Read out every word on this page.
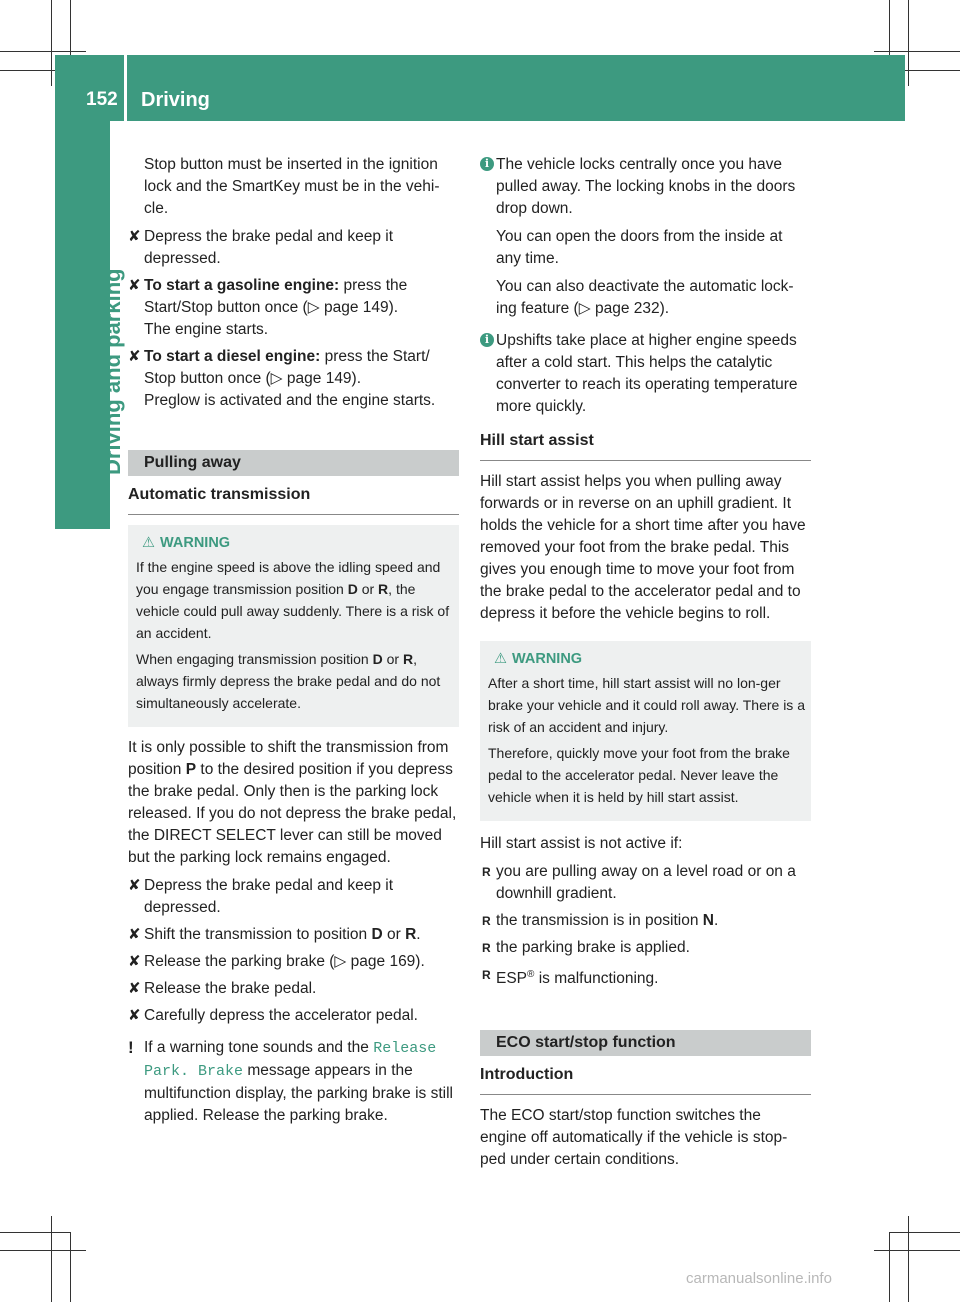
152 Driving
Driving and parking
Stop button must be inserted in the ignition lock and the SmartKey must be in the vehi-cle.
✘ Depress the brake pedal and keep it depressed.
✘ To start a gasoline engine: press the Start/Stop button once (▷ page 149).
The engine starts.
✘ To start a diesel engine: press the Start/ Stop button once (▷ page 149).
Preglow is activated and the engine starts.
Pulling away
Automatic transmission
⚠ WARNING

If the engine speed is above the idling speed and you engage transmission position D or R, the vehicle could pull away suddenly. There is a risk of an accident.

When engaging transmission position D or R, always firmly depress the brake pedal and do not simultaneously accelerate.

It is only possible to shift the transmission from position P to the desired position if you depress the brake pedal. Only then is the parking lock released. If you do not depress the brake pedal, the DIRECT SELECT lever can still be moved but the parking lock remains engaged.
✘ Depress the brake pedal and keep it depressed.
✘ Shift the transmission to position D or R.
✘ Release the parking brake (▷ page 169).
✘ Release the brake pedal.
✘ Carefully depress the accelerator pedal.
! If a warning tone sounds and the Release Park. Brake message appears in the multifunction display, the parking brake is still applied. Release the parking brake.
i The vehicle locks centrally once you have pulled away. The locking knobs in the doors drop down.
You can open the doors from the inside at any time.
You can also deactivate the automatic lock-ing feature (▷ page 232).
i Upshifts take place at higher engine speeds after a cold start. This helps the catalytic converter to reach its operating temperature more quickly.
Hill start assist
Hill start assist helps you when pulling away forwards or in reverse on an uphill gradient. It holds the vehicle for a short time after you have removed your foot from the brake pedal. This gives you enough time to move your foot from the brake pedal to the accelerator pedal and to depress it before the vehicle begins to roll.
⚠ WARNING

After a short time, hill start assist will no lon-ger brake your vehicle and it could roll away. There is a risk of an accident and injury.

Therefore, quickly move your foot from the brake pedal to the accelerator pedal. Never leave the vehicle when it is held by hill start assist.

Hill start assist is not active if:
R you are pulling away on a level road or on a downhill gradient.
R the transmission is in position N.
R the parking brake is applied.
R ESP® is malfunctioning.
ECO start/stop function
Introduction
The ECO start/stop function switches the engine off automatically if the vehicle is stop-ped under certain conditions.
carmanualsonline.info
